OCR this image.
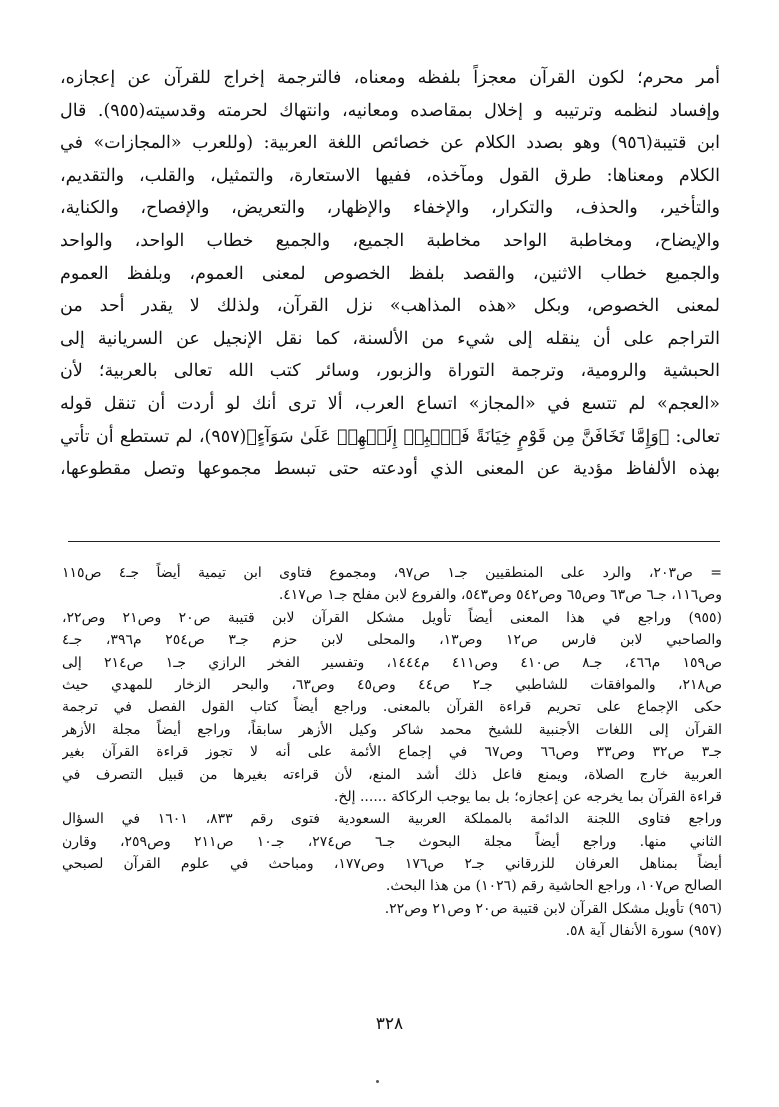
أمر محرم؛ لكون القرآن معجزاً بلفظه ومعناه، فالترجمة إخراج للقرآن عن إعجازه،

وإفساد لنظمه وترتيبه و إخلال بمقاصده ومعانيه، وانتهاك لحرمته وقدسيته(٩٥٥). قال

ابن قتيبة(٩٥٦) وهو بصدد الكلام عن خصائص اللغة العربية: (وللعرب «المجازات» في

الكلام ومعناها: طرق القول ومآخذه، ففيها الاستعارة، والتمثيل، والقلب، والتقديم،

والتأخير، والحذف، والتكرار، والإخفاء والإظهار، والتعريض، والإفصاح، والكناية،

والإيضاح، ومخاطبة الواحد مخاطبة الجميع، والجميع خطاب الواحد، والواحد

والجميع خطاب الاثنين، والقصد بلفظ الخصوص لمعنى العموم، وبلفظ العموم

لمعنى الخصوص، وبكل «هذه المذاهب» نزل القرآن، ولذلك لا يقدر أحد من

التراجم على أن ينقله إلى شيء من الألسنة، كما نقل الإنجيل عن السريانية إلى

الحبشية والرومية، وترجمة التوراة والزبور، وسائر كتب الله تعالى بالعربية؛ لأن

«العجم» لم تتسع في «المجاز» اتساع العرب، ألا ترى أنك لو أردت أن تنقل قوله

تعالى: ﴿وَإِمَّا تَخَافَنَّ مِن قَوْمٍ خِيَانَةً فَٱنۢبِذۡ إِلَيۡهِمۡ عَلَىٰ سَوَآءٍ﴾(٩٥٧)، لم تستطع أن تأتي

بهذه الألفاظ مؤدية عن المعنى الذي أودعته حتى تبسط مجموعها وتصل مقطوعها،

= ص٢٠٣، والرد على المنطقيين جـ١ ص٩٧، ومجموع فتاوى ابن تيمية أيضاً جـ٤ ص١١٥

وص١١٦، جـ٦ ص٦٣ وص٦٥ وص٥٤٢ وص٥٤٣، والفروع لابن مفلح جـ١ ص٤١٧.

(٩٥٥) وراجع في هذا المعنى أيضاً تأويل مشكل القرآن لابن قتيبة ص٢٠ وص٢١ وص٢٢،

والصاحبي لابن فارس ص١٢ وص١٣، والمحلى لابن حزم جـ٣ ص٢٥٤ م٣٩٦، جـ٤

ص١٥٩ م٤٦٦، جـ٨ ص٤١٠ وص٤١١ م١٤٤٤، وتفسير الفخر الرازي جـ١ ص٢١٤ إلى

ص٢١٨، والموافقات للشاطبي جـ٢ ص٤٤ وص٤٥ وص٦٣، والبحر الزخار للمهدي حيث

حكى الإجماع على تحريم قراءة القرآن بالمعنى. وراجع أيضاً كتاب القول الفصل في ترجمة

القرآن إلى اللغات الأجنبية للشيخ محمد شاكر وكيل الأزهر سابقاً، وراجع أيضاً مجلة الأزهر

جـ٣ ص٣٢ وص٣٣ وص٦٦ وص٦٧ في إجماع الأئمة على أنه لا تجوز قراءة القرآن بغير

العربية خارج الصلاة، ويمنع فاعل ذلك أشد المنع، لأن قراءته بغيرها من قبيل التصرف في

قراءة القرآن بما يخرجه عن إعجازه؛ بل بما يوجب الركاكة ...... إلخ.

وراجع فتاوى اللجنة الدائمة بالمملكة العربية السعودية فتوى رقم ٨٣٣، ١٦٠١ في السؤال

الثاني منها. وراجع أيضاً مجلة البحوث جـ٦ ص٢٧٤، جـ١٠ ص٢١١ وص٢٥٩، وقارن

أيضاً بمناهل العرفان للزرقاني جـ٢ ص١٧٦ وص١٧٧، ومباحث في علوم القرآن لصبحي

الصالح ص١٠٧، وراجع الحاشية رقم (١٠٢٦) من هذا البحث.

(٩٥٦) تأويل مشكل القرآن لابن قتيبة ص٢٠ وص٢١ وص٢٢.

(٩٥٧) سورة الأنفال آية ٥٨.

٣٢٨
